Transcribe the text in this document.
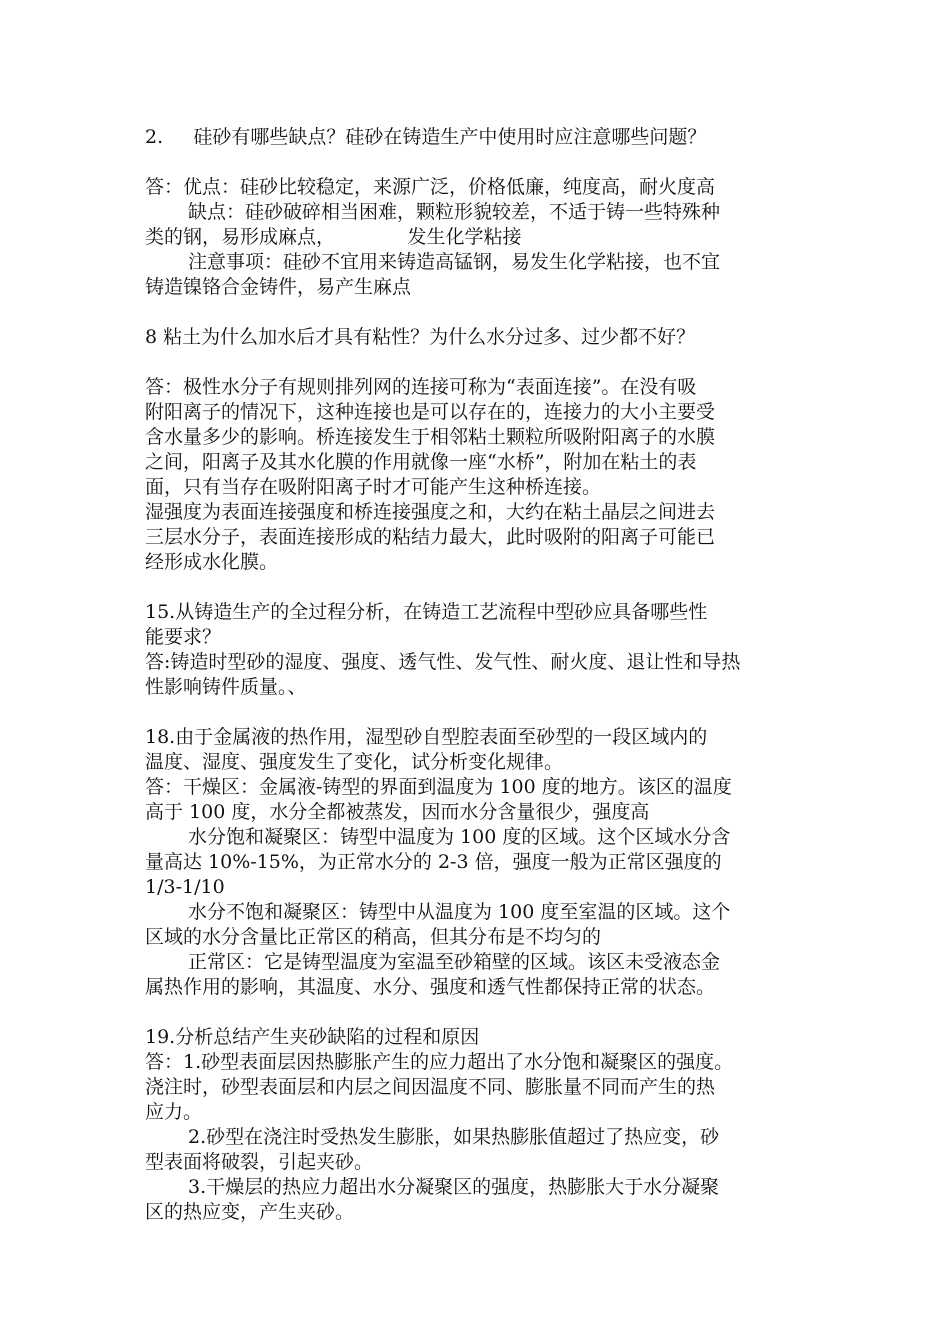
2.     硅砂有哪些缺点？硅砂在铸造生产中使用时应注意哪些问题？
答：优点：硅砂比较稳定，来源广泛，价格低廉，纯度高，耐火度高
缺点：硅砂破碎相当困难，颗粒形貌较差，不适于铸一些特殊种
类的钢，易形成麻点，            发生化学粘接
注意事项：硅砂不宜用来铸造高锰钢，易发生化学粘接，也不宜
铸造镍铬合金铸件，易产生麻点
8 粘土为什么加水后才具有粘性？为什么水分过多、过少都不好？
答：极性水分子有规则排列网的连接可称为“表面连接”。在没有吸
附阳离子的情况下，这种连接也是可以存在的，连接力的大小主要受
含水量多少的影响。桥连接发生于相邻粘土颗粒所吸附阳离子的水膜
之间，阳离子及其水化膜的作用就像一座“水桥”，附加在粘土的表
面，只有当存在吸附阳离子时才可能产生这种桥连接。
湿强度为表面连接强度和桥连接强度之和，大约在粘土晶层之间进去
三层水分子，表面连接形成的粘结力最大，此时吸附的阳离子可能已
经形成水化膜。
15.从铸造生产的全过程分析，在铸造工艺流程中型砂应具备哪些性
能要求？
答:铸造时型砂的湿度、强度、透气性、发气性、耐火度、退让性和导热
性影响铸件质量。、
18.由于金属液的热作用，湿型砂自型腔表面至砂型的一段区域内的
温度、湿度、强度发生了变化，试分析变化规律。
答：干燥区：金属液-铸型的界面到温度为 100 度的地方。该区的温度
高于 100 度，水分全都被蒸发，因而水分含量很少，强度高
水分饱和凝聚区：铸型中温度为 100 度的区域。这个区域水分含
量高达 10%-15%，为正常水分的 2-3 倍，强度一般为正常区强度的
1/3-1/10
水分不饱和凝聚区：铸型中从温度为 100 度至室温的区域。这个
区域的水分含量比正常区的稍高，但其分布是不均匀的
正常区：它是铸型温度为室温至砂箱壁的区域。该区未受液态金
属热作用的影响，其温度、水分、强度和透气性都保持正常的状态。
19.分析总结产生夹砂缺陷的过程和原因
答：1.砂型表面层因热膨胀产生的应力超出了水分饱和凝聚区的强度。
浇注时，砂型表面层和内层之间因温度不同、膨胀量不同而产生的热
应力。
2.砂型在浇注时受热发生膨胀，如果热膨胀值超过了热应变，砂
型表面将破裂，引起夹砂。
3.干燥层的热应力超出水分凝聚区的强度，热膨胀大于水分凝聚
区的热应变，产生夹砂。
